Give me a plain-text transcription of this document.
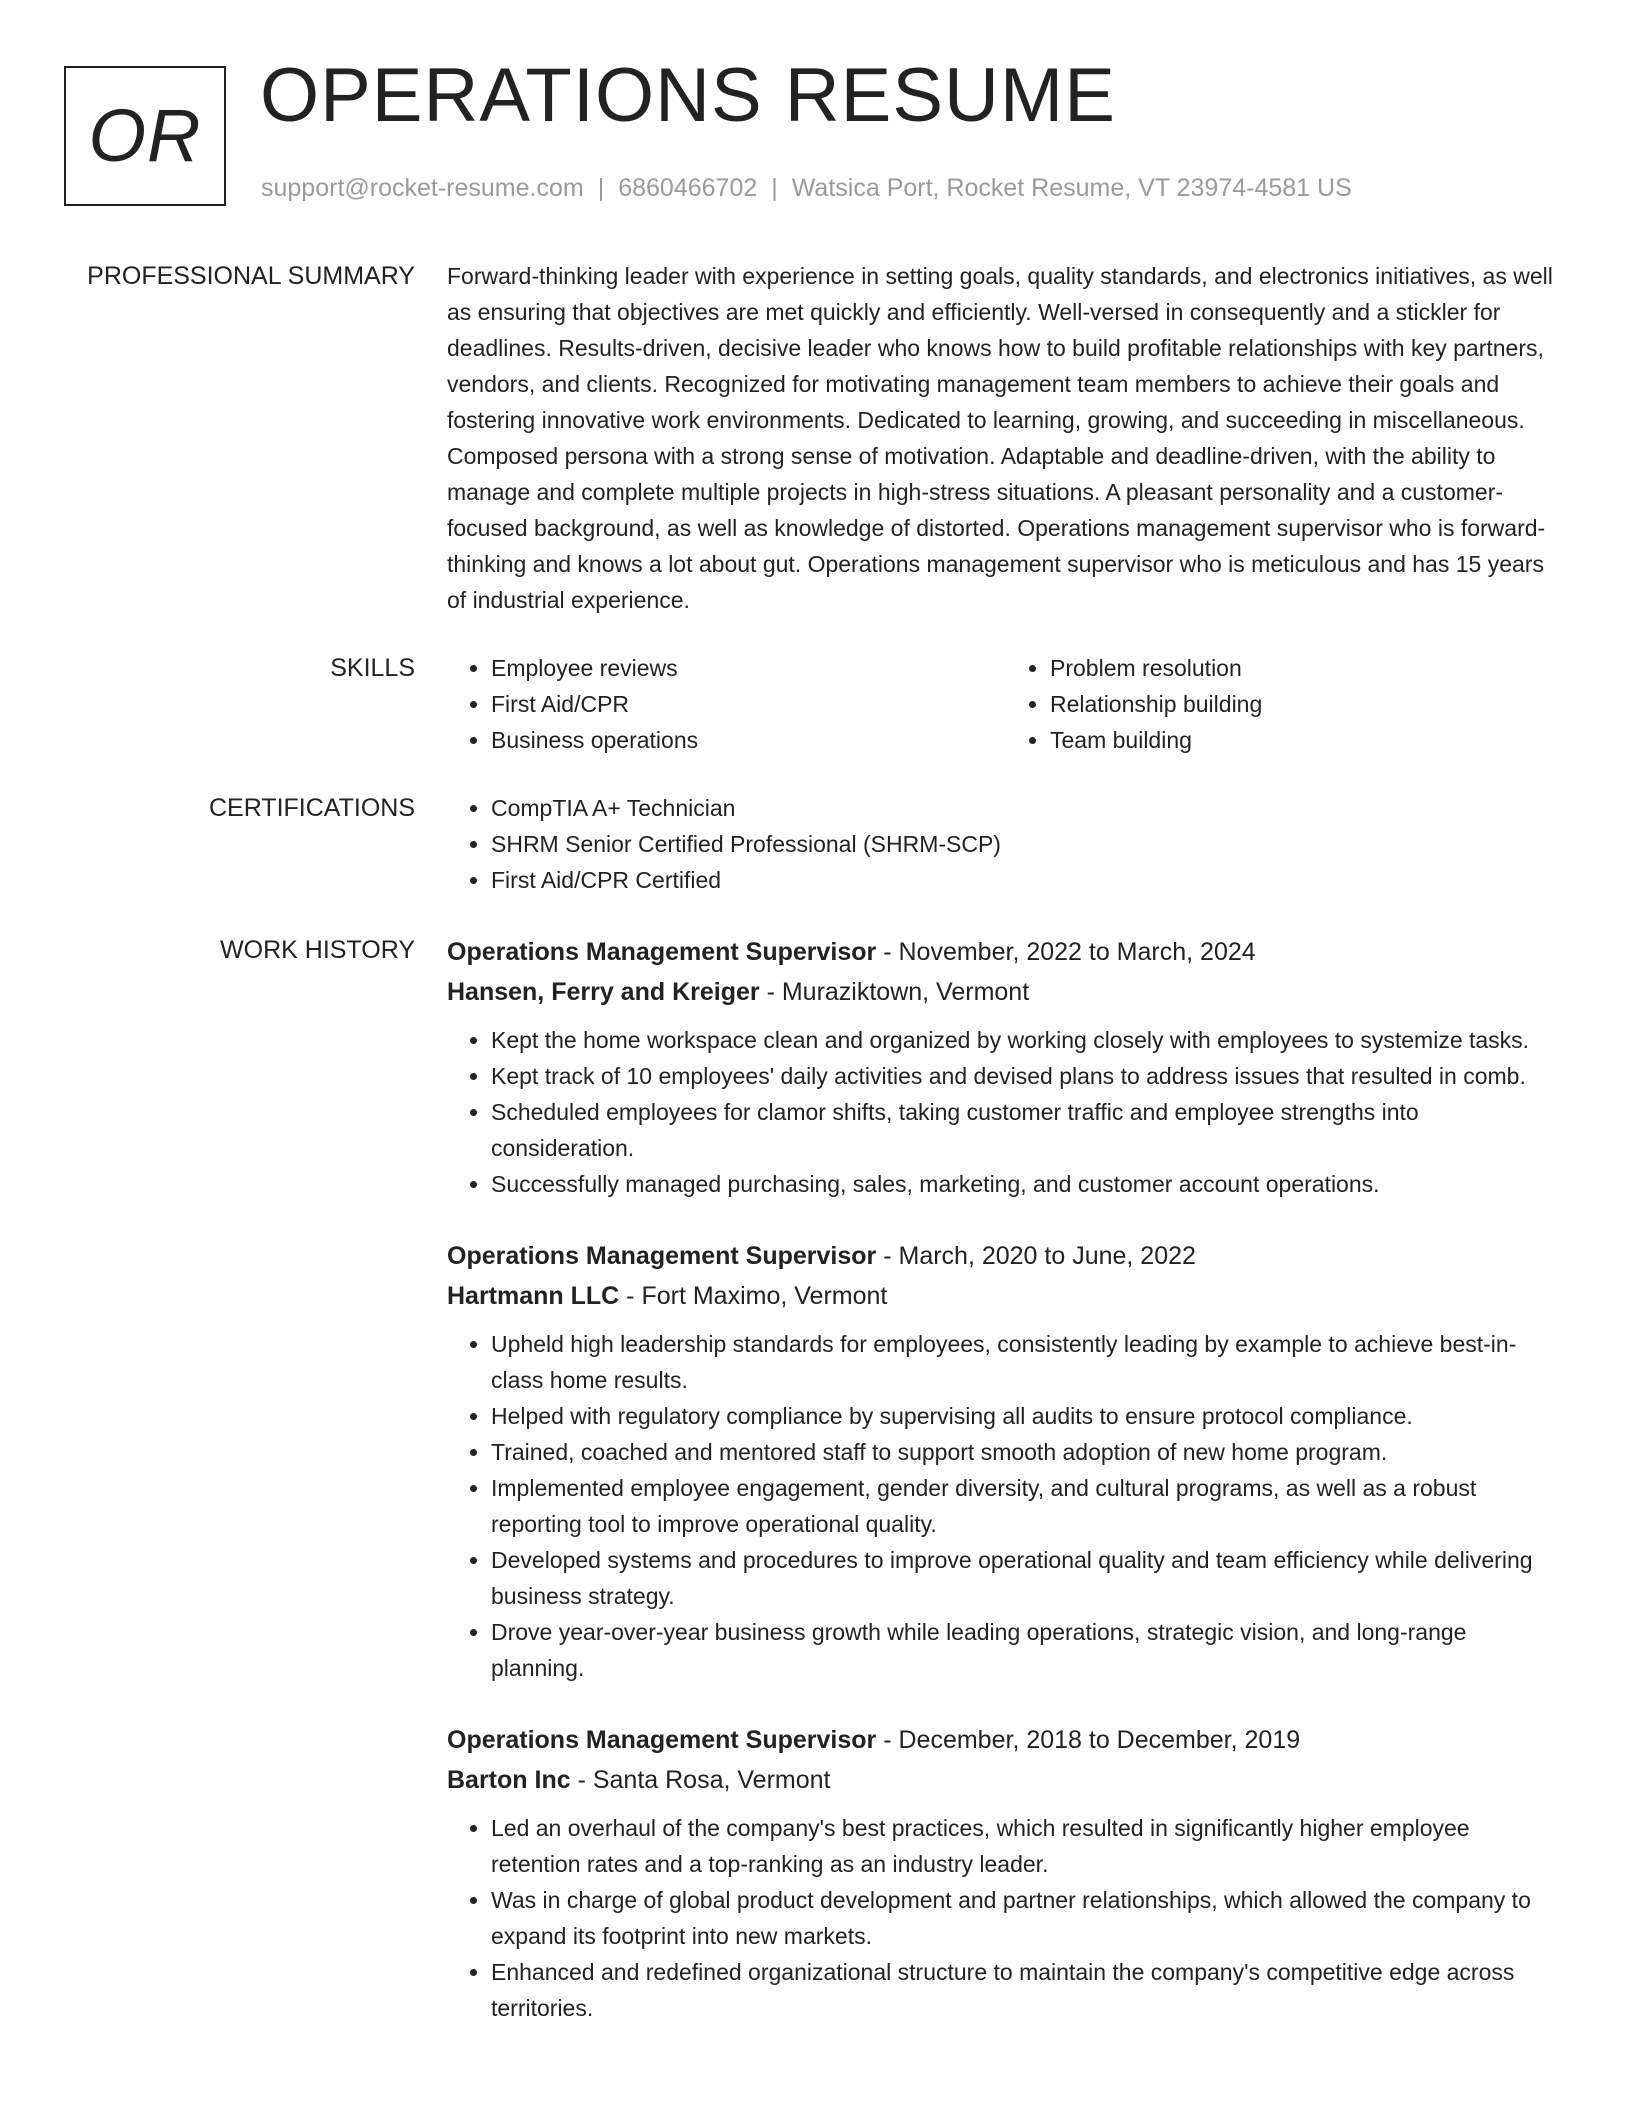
OR OPERATIONS RESUME
support@rocket-resume.com | 6860466702 | Watsica Port, Rocket Resume, VT 23974-4581 US
PROFESSIONAL SUMMARY Forward-thinking leader with experience in setting goals, quality standards, and electronics initiatives, as well as ensuring that objectives are met quickly and efficiently. Well-versed in consequently and a stickler for deadlines. Results-driven, decisive leader who knows how to build profitable relationships with key partners, vendors, and clients. Recognized for motivating management team members to achieve their goals and fostering innovative work environments. Dedicated to learning, growing, and succeeding in miscellaneous. Composed persona with a strong sense of motivation. Adaptable and deadline-driven, with the ability to manage and complete multiple projects in high-stress situations. A pleasant personality and a customer-focused background, as well as knowledge of distorted. Operations management supervisor who is forward-thinking and knows a lot about gut. Operations management supervisor who is meticulous and has 15 years of industrial experience.

SKILLS	• Employee reviews
• First Aid/CPR
• Business operations
• Problem resolution
• Relationship building
• Team building
CERTIFICATIONS	• CompTIA A+ Technician
• SHRM Senior Certified Professional (SHRM-SCP)
• First Aid/CPR Certified
WORK HISTORY Operations Management Supervisor - November, 2022 to March, 2024
Hansen, Ferry and Kreiger - Muraziktown, Vermont
• Kept the home workspace clean and organized by working closely with employees to systemize tasks.
• Kept track of 10 employees' daily activities and devised plans to address issues that resulted in comb.
• Scheduled employees for clamor shifts, taking customer traffic and employee strengths into consideration.
• Successfully managed purchasing, sales, marketing, and customer account operations.
Operations Management Supervisor - March, 2020 to June, 2022
Hartmann LLC - Fort Maximo, Vermont
• Upheld high leadership standards for employees, consistently leading by example to achieve best-in-class home results.
• Helped with regulatory compliance by supervising all audits to ensure protocol compliance.
• Trained, coached and mentored staff to support smooth adoption of new home program.
• Implemented employee engagement, gender diversity, and cultural programs, as well as a robust reporting tool to improve operational quality.
• Developed systems and procedures to improve operational quality and team efficiency while delivering business strategy.
• Drove year-over-year business growth while leading operations, strategic vision, and long-range planning.
Operations Management Supervisor - December, 2018 to December, 2019
Barton Inc - Santa Rosa, Vermont
• Led an overhaul of the company's best practices, which resulted in significantly higher employee retention rates and a top-ranking as an industry leader.
• Was in charge of global product development and partner relationships, which allowed the company to expand its footprint into new markets.
• Enhanced and redefined organizational structure to maintain the company's competitive edge across territories.
